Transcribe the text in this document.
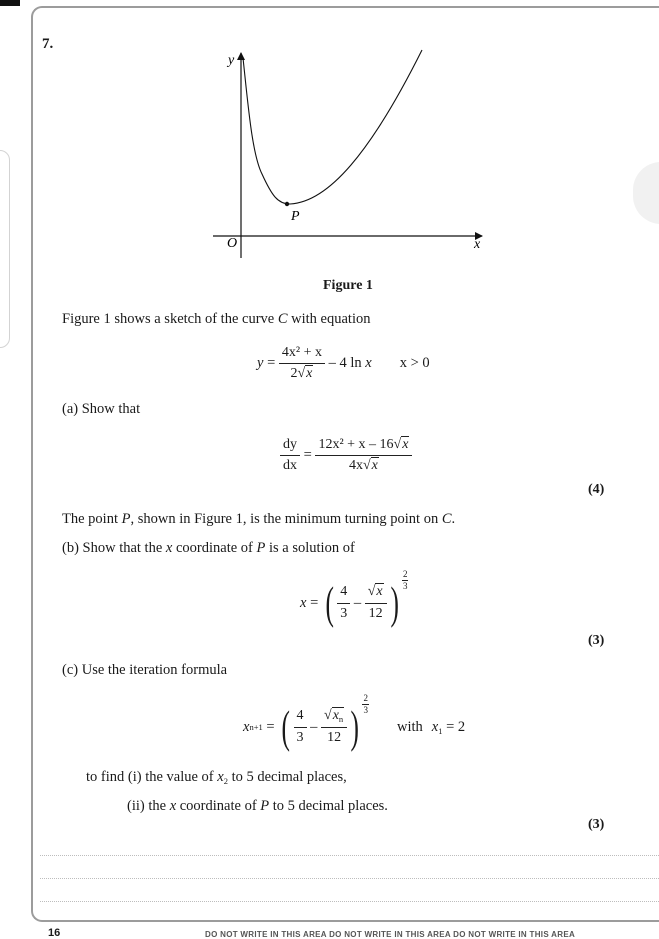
7.
y
x
O
P
Figure 1
Figure 1 shows a sketch of the curve C with equation
$y = \frac{\text{4x² + x}}{2√x} - 4$ ln x x > 0
(a) Show that
$\frac{dy}{dx} = \frac{\text{12x² + x – 16√x}}{4x√x}$
(4)
The point P, shown in Figure 1, is the minimum turning point on C.
(b) Show that the x coordinate of P is a solution of
x = ( $\frac{4}{3} - \frac{√x}{12}$ )
2
3
(3)
(c) Use the iteration formula
x n+1 = ( $\frac{4}{3} - \frac{√x_n}{12}$ )
2
3
with $x_1 = 2$
to find (i) the value of $x_2$ to 5 decimal places,
(ii) the x coordinate of P to 5 decimal places.
(3)
16	DO NOT WRITE IN THIS AREA DO NOT WRITE IN THIS AREA DO NOT WRITE IN THIS AREA
